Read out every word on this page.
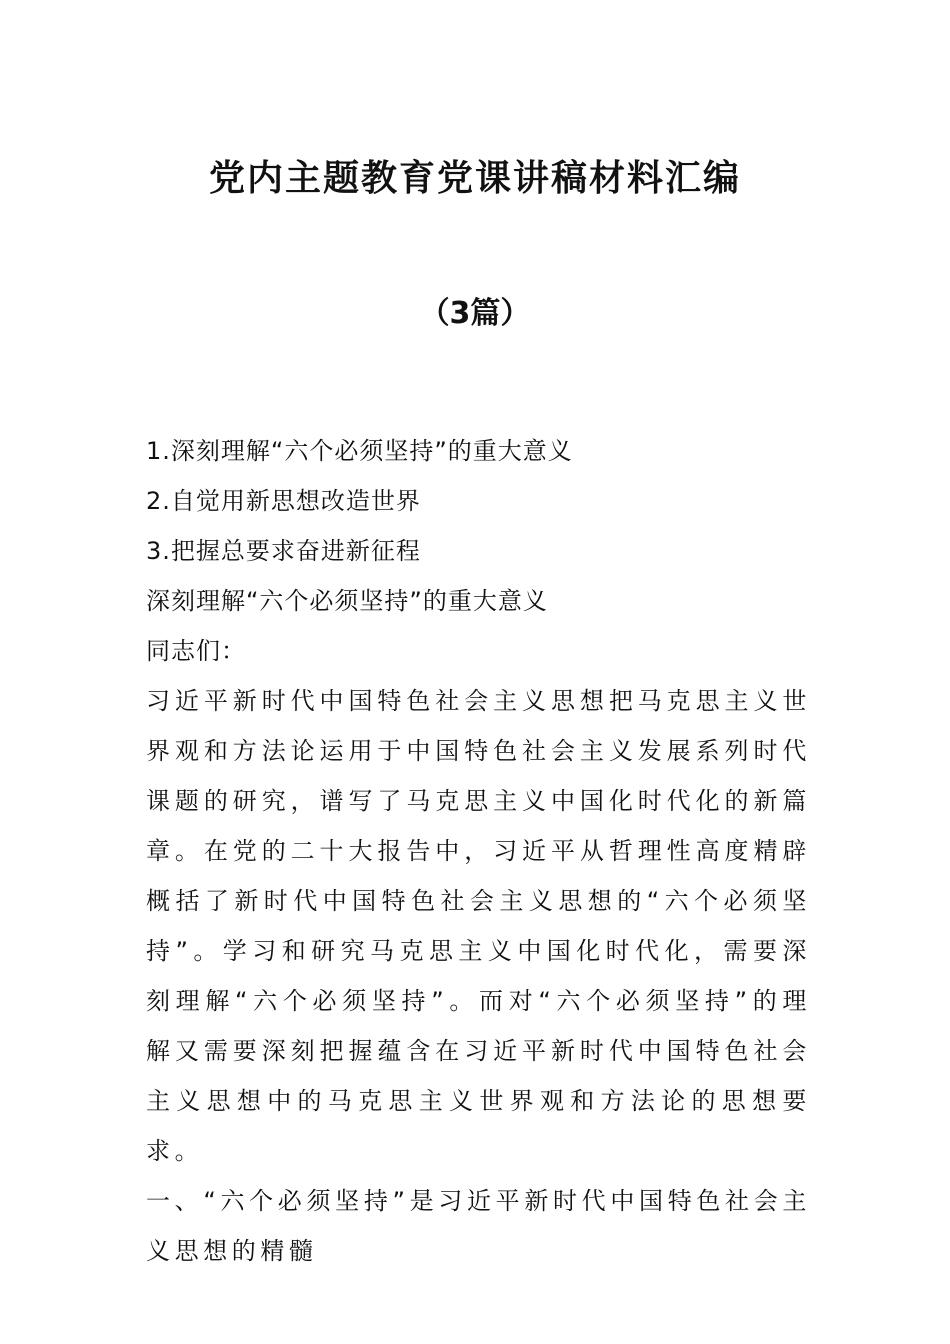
党内主题教育党课讲稿材料汇编
（3篇）
1.深刻理解“六个必须坚持”的重大意义
2.自觉用新思想改造世界
3.把握总要求奋进新征程
深刻理解“六个必须坚持”的重大意义
同志们：

习近平新时代中国特色社会主义思想把马克思主义世界观和方法论运用于中国特色社会主义发展系列时代课题的研究，谱写了马克思主义中国化时代化的新篇章。在党的二十大报告中，习近平从哲理性高度精辟概括了新时代中国特色社会主义思想的“六个必须坚持”。学习和研究马克思主义中国化时代化，需要深刻理解“六个必须坚持”。而对“六个必须坚持”的理解又需要深刻把握蕴含在习近平新时代中国特色社会主义思想中的马克思主义世界观和方法论的思想要求。

一、“六个必须坚持”是习近平新时代中国特色社会主义思想的精髓
